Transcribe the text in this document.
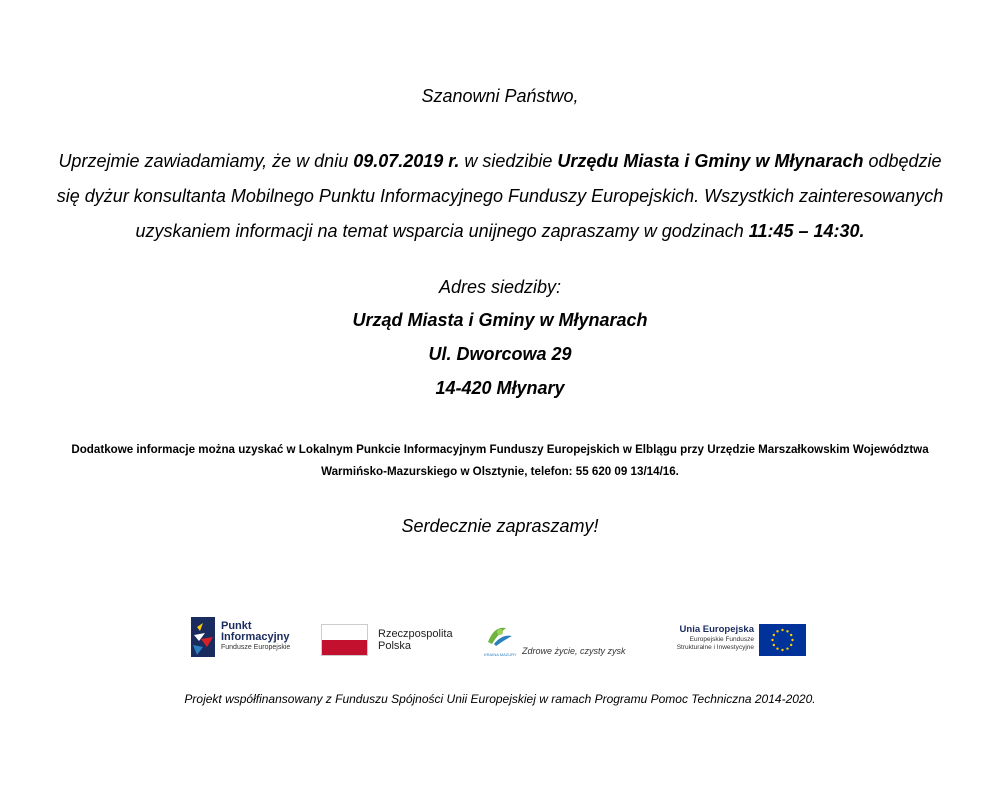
Szanowni Państwo,
Uprzejmie zawiadamiamy, że w dniu 09.07.2019 r. w siedzibie Urzędu Miasta i Gminy w Młynarach odbędzie
się dyżur konsultanta Mobilnego Punktu Informacyjnego Funduszy Europejskich. Wszystkich zainteresowanych
uzyskaniem informacji na temat wsparcia unijnego zapraszamy w godzinach 11:45 – 14:30.
Adres siedziby:
Urząd Miasta i Gminy w Młynarach
Ul. Dworcowa 29
14-420 Młynary
Dodatkowe informacje można uzyskać w Lokalnym Punkcie Informacyjnym Funduszy Europejskich w Elblągu przy Urzędzie Marszałkowskim Województwa
Warmińsko-Mazurskiego w Olsztynie, telefon: 55 620 09 13/14/16.
Serdecznie zapraszamy!
Punkt
Informacyjny
Fundusze Europejskie
Rzeczpospolita
Polska
KRAINA MAZURY Zdrowe życie, czysty zysk
Unia Europejska
Europejskie Fundusze
Strukturalne i Inwestycyjne
Projekt współfinansowany z Funduszu Spójności Unii Europejskiej w ramach Programu Pomoc Techniczna 2014-2020.
